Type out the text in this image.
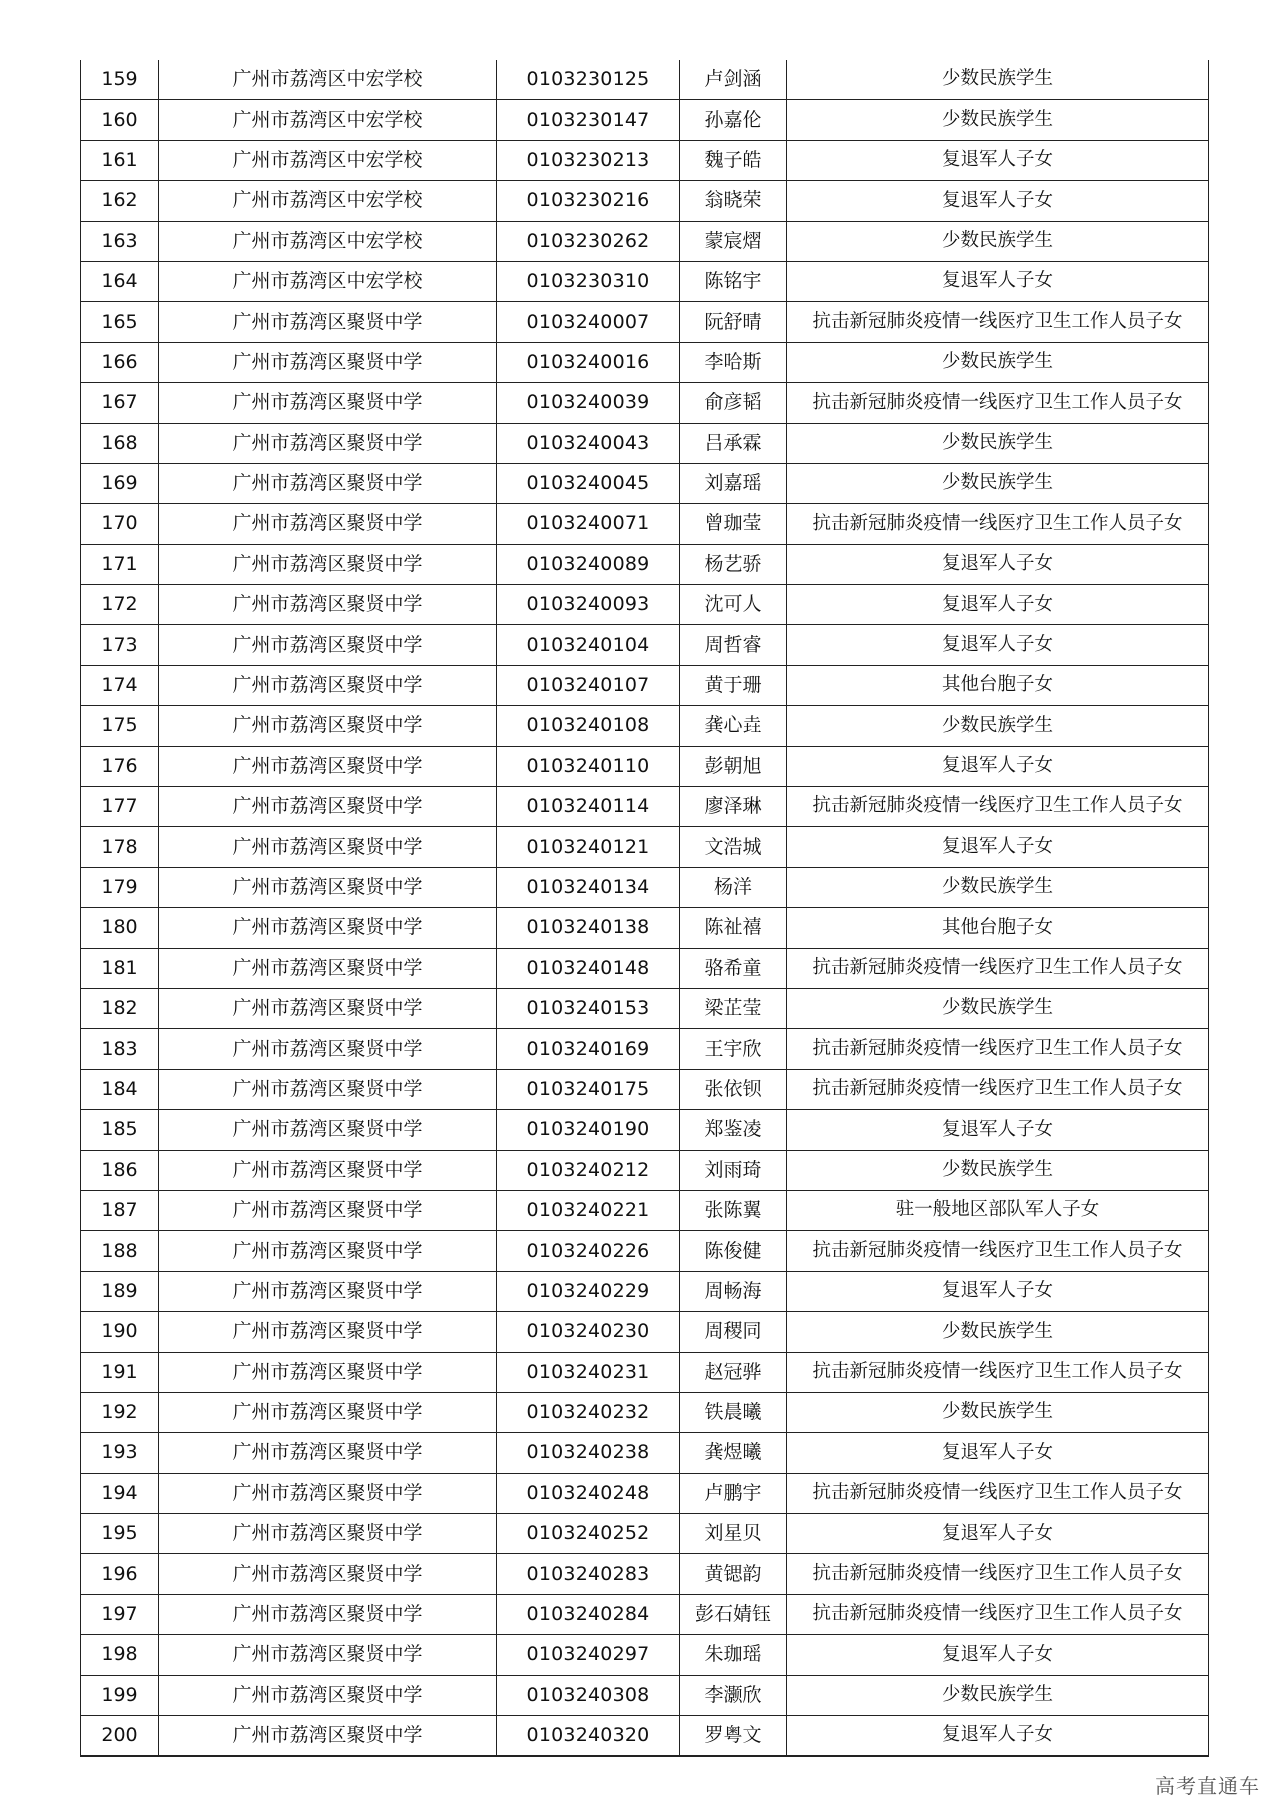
159	广州市荔湾区中宏学校	0103230125	卢剑涵	少数民族学生
160	广州市荔湾区中宏学校	0103230147	孙嘉伦	少数民族学生
161	广州市荔湾区中宏学校	0103230213	魏子皓	复退军人子女
162	广州市荔湾区中宏学校	0103230216	翁晓荣	复退军人子女
163	广州市荔湾区中宏学校	0103230262	蒙宸熠	少数民族学生
164	广州市荔湾区中宏学校	0103230310	陈铭宇	复退军人子女
165	广州市荔湾区聚贤中学	0103240007	阮舒晴	抗击新冠肺炎疫情一线医疗卫生工作人员子女
166	广州市荔湾区聚贤中学	0103240016	李哈斯	少数民族学生
167	广州市荔湾区聚贤中学	0103240039	俞彦韬	抗击新冠肺炎疫情一线医疗卫生工作人员子女
168	广州市荔湾区聚贤中学	0103240043	吕承霖	少数民族学生
169	广州市荔湾区聚贤中学	0103240045	刘嘉瑶	少数民族学生
170	广州市荔湾区聚贤中学	0103240071	曾珈莹	抗击新冠肺炎疫情一线医疗卫生工作人员子女
171	广州市荔湾区聚贤中学	0103240089	杨艺骄	复退军人子女
172	广州市荔湾区聚贤中学	0103240093	沈可人	复退军人子女
173	广州市荔湾区聚贤中学	0103240104	周哲睿	复退军人子女
174	广州市荔湾区聚贤中学	0103240107	黄于珊	其他台胞子女
175	广州市荔湾区聚贤中学	0103240108	龚心垚	少数民族学生
176	广州市荔湾区聚贤中学	0103240110	彭朝旭	复退军人子女
177	广州市荔湾区聚贤中学	0103240114	廖泽琳	抗击新冠肺炎疫情一线医疗卫生工作人员子女
178	广州市荔湾区聚贤中学	0103240121	文浩城	复退军人子女
179	广州市荔湾区聚贤中学	0103240134	杨洋	少数民族学生
180	广州市荔湾区聚贤中学	0103240138	陈祉禧	其他台胞子女
181	广州市荔湾区聚贤中学	0103240148	骆希童	抗击新冠肺炎疫情一线医疗卫生工作人员子女
182	广州市荔湾区聚贤中学	0103240153	梁芷莹	少数民族学生
183	广州市荔湾区聚贤中学	0103240169	王宇欣	抗击新冠肺炎疫情一线医疗卫生工作人员子女
184	广州市荔湾区聚贤中学	0103240175	张依钡	抗击新冠肺炎疫情一线医疗卫生工作人员子女
185	广州市荔湾区聚贤中学	0103240190	郑鉴凌	复退军人子女
186	广州市荔湾区聚贤中学	0103240212	刘雨琦	少数民族学生
187	广州市荔湾区聚贤中学	0103240221	张陈翼	驻一般地区部队军人子女
188	广州市荔湾区聚贤中学	0103240226	陈俊健	抗击新冠肺炎疫情一线医疗卫生工作人员子女
189	广州市荔湾区聚贤中学	0103240229	周畅海	复退军人子女
190	广州市荔湾区聚贤中学	0103240230	周稷同	少数民族学生
191	广州市荔湾区聚贤中学	0103240231	赵冠骅	抗击新冠肺炎疫情一线医疗卫生工作人员子女
192	广州市荔湾区聚贤中学	0103240232	铁晨曦	少数民族学生
193	广州市荔湾区聚贤中学	0103240238	龚煜曦	复退军人子女
194	广州市荔湾区聚贤中学	0103240248	卢鹏宇	抗击新冠肺炎疫情一线医疗卫生工作人员子女
195	广州市荔湾区聚贤中学	0103240252	刘星贝	复退军人子女
196	广州市荔湾区聚贤中学	0103240283	黄锶韵	抗击新冠肺炎疫情一线医疗卫生工作人员子女
197	广州市荔湾区聚贤中学	0103240284	彭石婧钰	抗击新冠肺炎疫情一线医疗卫生工作人员子女
198	广州市荔湾区聚贤中学	0103240297	朱珈瑶	复退军人子女
199	广州市荔湾区聚贤中学	0103240308	李灏欣	少数民族学生
200	广州市荔湾区聚贤中学	0103240320	罗粤文	复退军人子女
高考直通车
